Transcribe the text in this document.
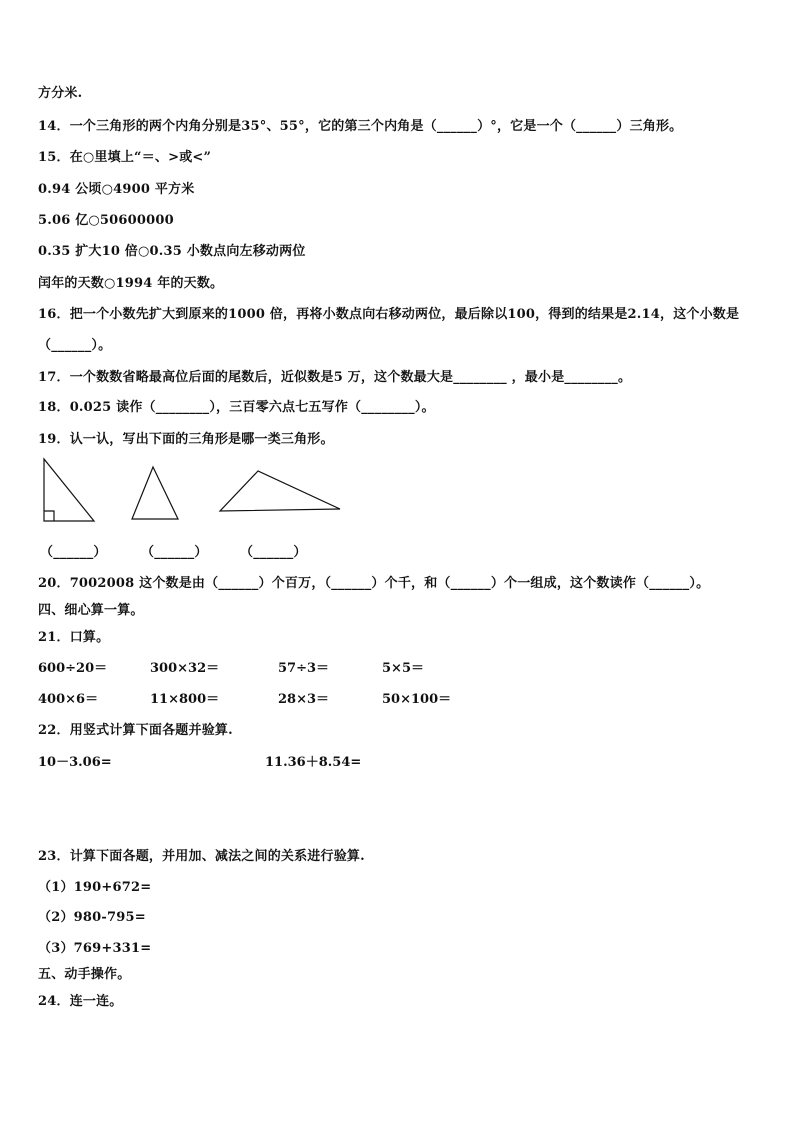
方分米.
14．一个三角形的两个内角分别是35°、55°，它的第三个内角是（______）°，它是一个（______）三角形。
15．在○里填上“＝、>或<”
0.94 公顷○4900 平方米
5.06 亿○50600000
0.35 扩大10 倍○0.35 小数点向左移动两位
闰年的天数○1994 年的天数。
16．把一个小数先扩大到原来的1000 倍，再将小数点向右移动两位，最后除以100，得到的结果是2.14，这个小数是
（______）。
17．一个数数省略最高位后面的尾数后，近似数是5 万，这个数最大是________ ，最小是________。
18．0.025 读作（________），三百零六点七五写作（________）。
19．认一认，写出下面的三角形是哪一类三角形。
（______）	（______） （______）
20．7002008 这个数是由（______）个百万，（______）个千，和（______）个一组成，这个数读作（______）。
四、细心算一算。
21．口算。
600÷20＝	300×32＝	57÷3＝	5×5＝
400×6＝	11×800＝	28×3＝	50×100＝
22．用竖式计算下面各题并验算.
10－3.06=	11.36＋8.54=
23．计算下面各题，并用加、减法之间的关系进行验算.
（1）190+672=
（2）980-795=
（3）769+331=
五、动手操作。
24．连一连。
